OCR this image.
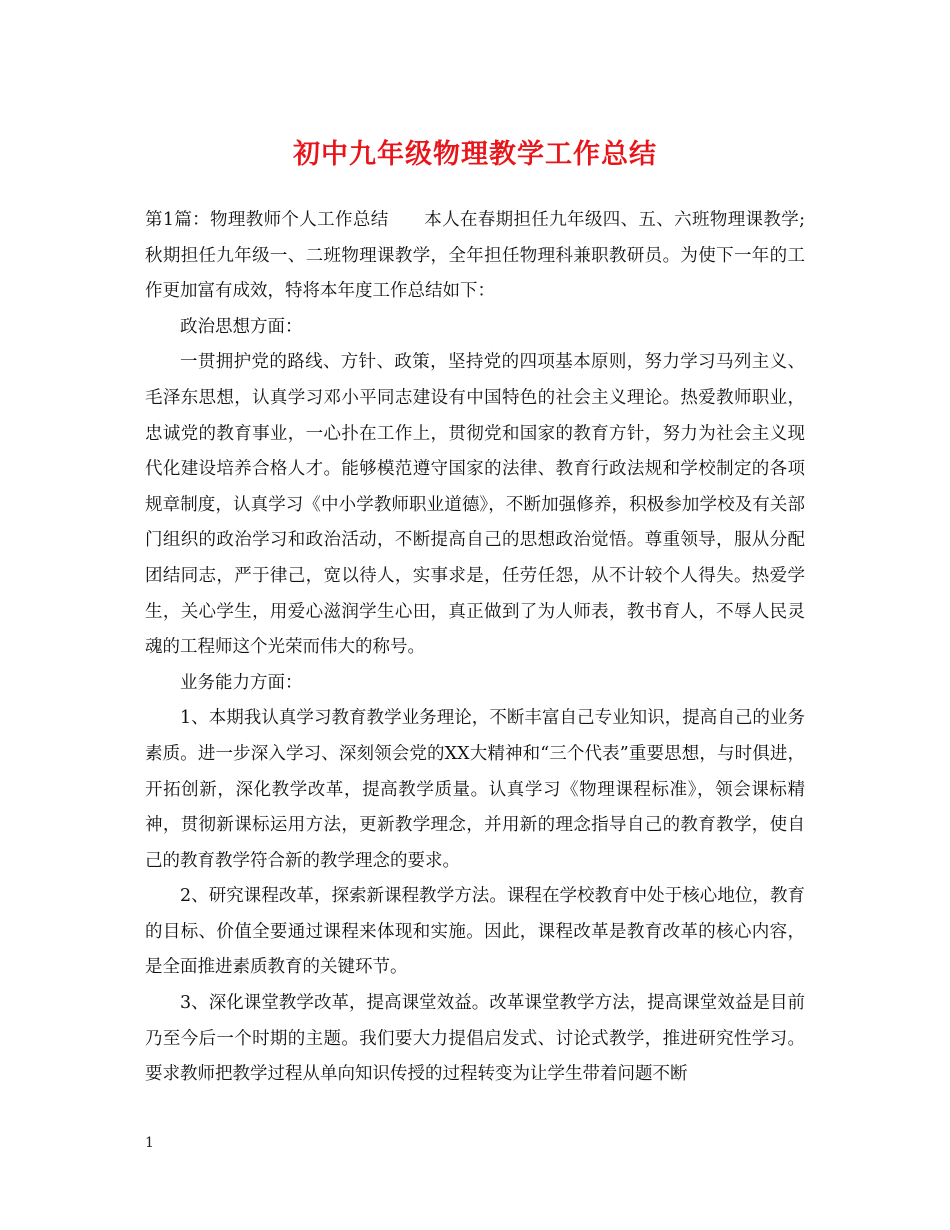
初中九年级物理教学工作总结

第1篇：物理教师个人工作总结　　本人在春期担任九年级四、五、六班物理课教学;秋期担任九年级一、二班物理课教学，全年担任物理科兼职教研员。为使下一年的工作更加富有成效，特将本年度工作总结如下：

政治思想方面：

一贯拥护党的路线、方针、政策，坚持党的四项基本原则，努力学习马列主义、毛泽东思想，认真学习邓小平同志建设有中国特色的社会主义理论。热爱教师职业，忠诚党的教育事业，一心扑在工作上，贯彻党和国家的教育方针，努力为社会主义现代化建设培养合格人才。能够模范遵守国家的法律、教育行政法规和学校制定的各项规章制度，认真学习《中小学教师职业道德》，不断加强修养，积极参加学校及有关部门组织的政治学习和政治活动，不断提高自己的思想政治觉悟。尊重领导，服从分配团结同志，严于律己，宽以待人，实事求是，任劳任怨，从不计较个人得失。热爱学生，关心学生，用爱心滋润学生心田，真正做到了为人师表，教书育人，不辱人民灵魂的工程师这个光荣而伟大的称号。

业务能力方面：

1、本期我认真学习教育教学业务理论，不断丰富自己专业知识，提高自己的业务素质。进一步深入学习、深刻领会党的XX大精神和“三个代表”重要思想，与时俱进，开拓创新，深化教学改革，提高教学质量。认真学习《物理课程标准》，领会课标精神，贯彻新课标运用方法，更新教学理念，并用新的理念指导自己的教育教学，使自己的教育教学符合新的教学理念的要求。

2、研究课程改革，探索新课程教学方法。课程在学校教育中处于核心地位，教育的目标、价值全要通过课程来体现和实施。因此，课程改革是教育改革的核心内容，是全面推进素质教育的关键环节。

3、深化课堂教学改革，提高课堂效益。改革课堂教学方法，提高课堂效益是目前乃至今后一个时期的主题。我们要大力提倡启发式、讨论式教学，推进研究性学习。要求教师把教学过程从单向知识传授的过程转变为让学生带着问题不断

1
